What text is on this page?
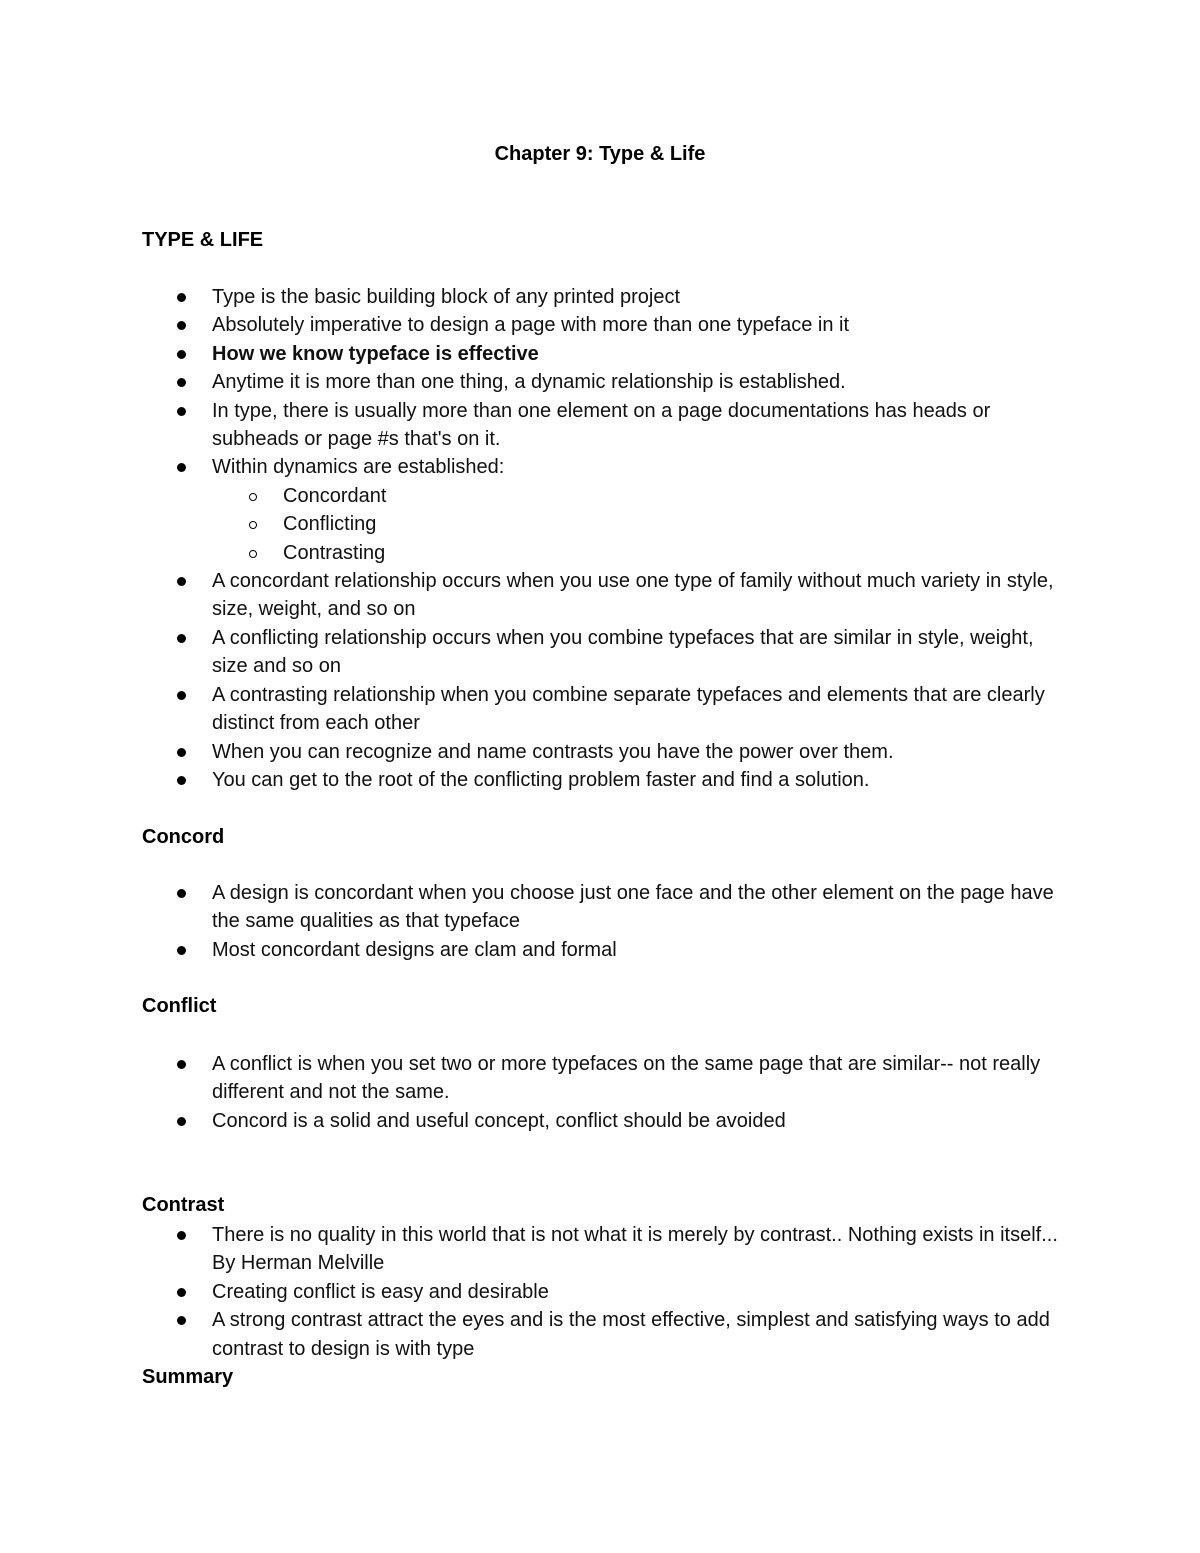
Chapter 9: Type & Life
TYPE & LIFE
Type is the basic building block of any printed project
Absolutely imperative to design a page with more than one typeface in it
How we know typeface is effective
Anytime it is more than one thing, a dynamic relationship is established.
In type, there is usually more than one element on a page documentations has heads or subheads or page #s that's on it.
Within dynamics are established:
Concordant
Conflicting
Contrasting
A concordant relationship occurs when you use one type of family without much variety in style, size, weight, and so on
A conflicting relationship occurs when you combine typefaces that are similar in style, weight, size and so on
A contrasting relationship when you combine separate typefaces and elements that are clearly distinct from each other
When you can recognize and name contrasts you have the power over them.
You can get to the root of the conflicting problem faster and find a solution.
Concord
A design is concordant when you choose just one face and the other element on the page have the same qualities as that typeface
Most concordant designs are clam and formal
Conflict
A conflict is when you set two or more typefaces on the same page that are similar-- not really different and not the same.
Concord is a solid and useful concept, conflict should be avoided
Contrast
There is no quality in this world that is not what it is merely by contrast.. Nothing exists in itself... By Herman Melville
Creating conflict is easy and desirable
A strong contrast attract the eyes and is the most effective, simplest and satisfying ways to add contrast to design is with type
Summary
